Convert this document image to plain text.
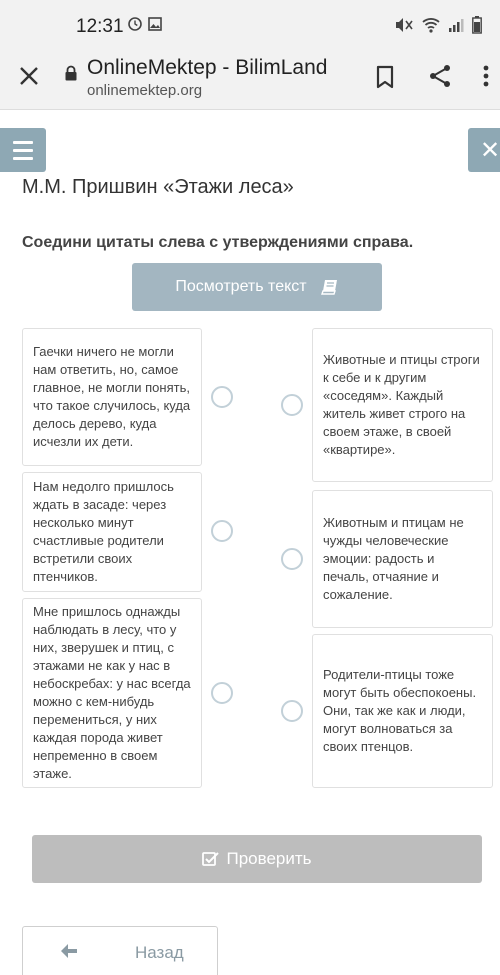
12:31
OnlineMektep - BilimLand
onlinemektep.org
✕
М.М. Пришвин «Этажи леса»
Соедини цитаты слева с утверждениями справа.
Посмотреть текст
Гаечки ничего не могли нам ответить, но, самое главное, не могли понять, что такое случилось, куда делось дерево, куда исчезли их дети.
Нам недолго пришлось ждать в засаде: через несколько минут счастливые родители встретили своих птенчиков.
Мне пришлось однажды наблюдать в лесу, что у них, зверушек и птиц, с этажами не как у нас в небоскребах: у нас всегда можно с кем-нибудь перемениться, у них каждая порода живет непременно в своем этаже.
Животные и птицы строги к себе и к другим «соседям». Каждый житель живет строго на своем этаже, в своей «квартире».
Животным и птицам не чужды человеческие эмоции: радость и печаль, отчаяние и сожаление.
Родители-птицы тоже могут быть обеспокоены. Они, так же как и люди, могут волноваться за своих птенцов.
Проверить
Назад
